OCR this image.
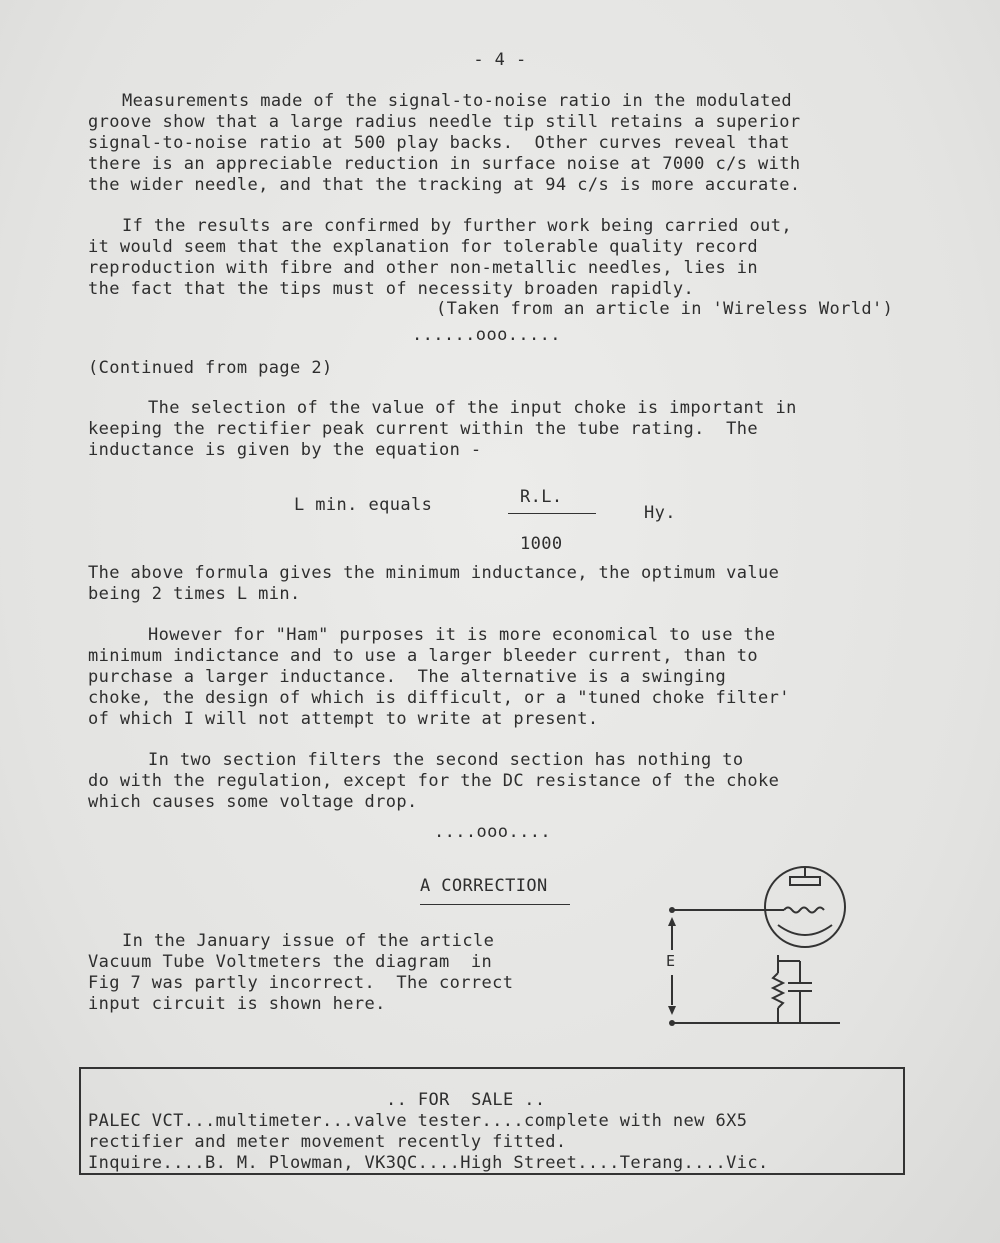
- 4 -
Measurements made of the signal-to-noise ratio in the modulated
groove show that a large radius needle tip still retains a superior
signal-to-noise ratio at 500 play backs.  Other curves reveal that
there is an appreciable reduction in surface noise at 7000 c/s with
the wider needle, and that the tracking at 94 c/s is more accurate.
If the results are confirmed by further work being carried out,
it would seem that the explanation for tolerable quality record
reproduction with fibre and other non-metallic needles, lies in
the fact that the tips must of necessity broaden rapidly.
(Taken from an article in 'Wireless World')
......ooo.....
(Continued from page 2)
The selection of the value of the input choke is important in
keeping the rectifier peak current within the tube rating.  The
inductance is given by the equation -
L min. equals	R.L.
Hy.
1000
The above formula gives the minimum inductance, the optimum value
being 2 times L min.
However for "Ham" purposes it is more economical to use the
minimum indictance and to use a larger bleeder current, than to
purchase a larger inductance.  The alternative is a swinging
choke, the design of which is difficult, or a "tuned choke filter'
of which I will not attempt to write at present.
In two section filters the second section has nothing to
do with the regulation, except for the DC resistance of the choke
which causes some voltage drop.
....ooo....
A CORRECTION
In the January issue of the article
Vacuum Tube Voltmeters the diagram  in
Fig 7 was partly incorrect.  The correct
input circuit is shown here.
E
.. FOR  SALE ..
PALEC VCT...multimeter...valve tester....complete with new 6X5
rectifier and meter movement recently fitted.
Inquire....B. M. Plowman, VK3QC....High Street....Terang....Vic.
